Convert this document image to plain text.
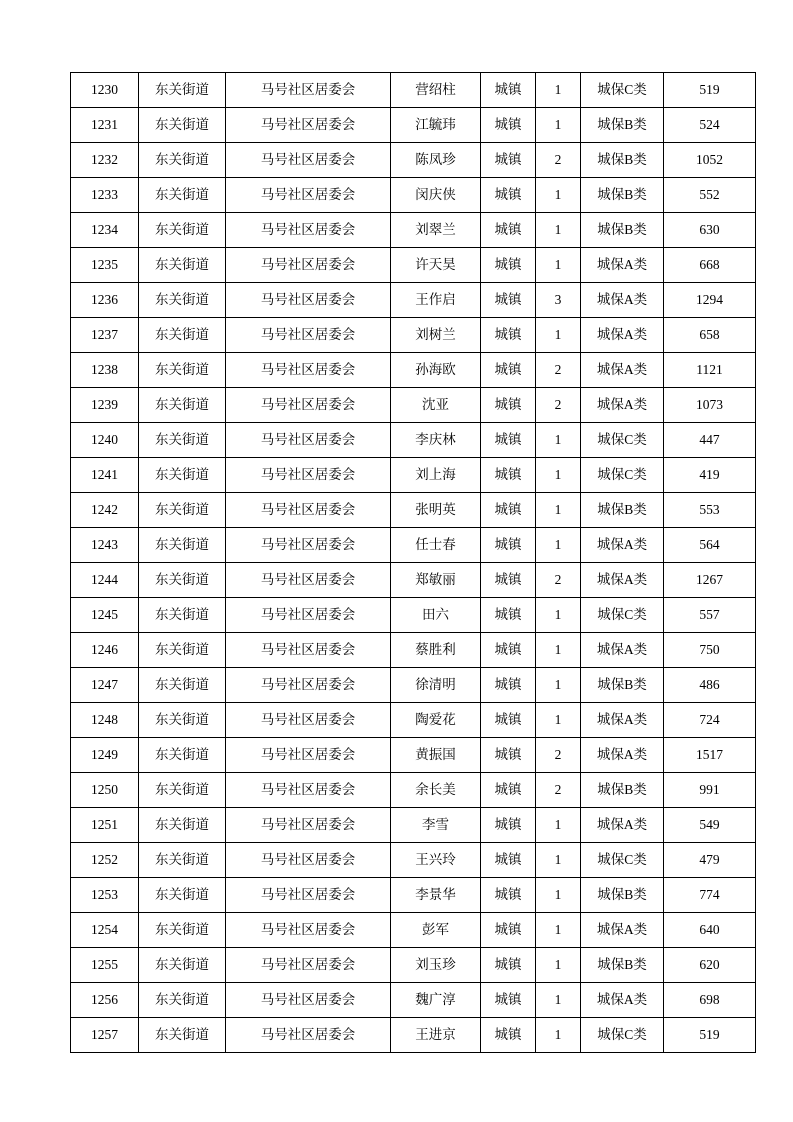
1230	东关街道	马号社区居委会	营绍柱	城镇	1	城保C类	519
1231	东关街道	马号社区居委会	江毓玮	城镇	1	城保B类	524
1232	东关街道	马号社区居委会	陈凤珍	城镇	2	城保B类	1052
1233	东关街道	马号社区居委会	闵庆侠	城镇	1	城保B类	552
1234	东关街道	马号社区居委会	刘翠兰	城镇	1	城保B类	630
1235	东关街道	马号社区居委会	许天昊	城镇	1	城保A类	668
1236	东关街道	马号社区居委会	王作启	城镇	3	城保A类	1294
1237	东关街道	马号社区居委会	刘树兰	城镇	1	城保A类	658
1238	东关街道	马号社区居委会	孙海欧	城镇	2	城保A类	1121
1239	东关街道	马号社区居委会	沈亚	城镇	2	城保A类	1073
1240	东关街道	马号社区居委会	李庆林	城镇	1	城保C类	447
1241	东关街道	马号社区居委会	刘上海	城镇	1	城保C类	419
1242	东关街道	马号社区居委会	张明英	城镇	1	城保B类	553
1243	东关街道	马号社区居委会	任士春	城镇	1	城保A类	564
1244	东关街道	马号社区居委会	郑敏丽	城镇	2	城保A类	1267
1245	东关街道	马号社区居委会	田六	城镇	1	城保C类	557
1246	东关街道	马号社区居委会	蔡胜利	城镇	1	城保A类	750
1247	东关街道	马号社区居委会	徐清明	城镇	1	城保B类	486
1248	东关街道	马号社区居委会	陶爱花	城镇	1	城保A类	724
1249	东关街道	马号社区居委会	黄振国	城镇	2	城保A类	1517
1250	东关街道	马号社区居委会	余长美	城镇	2	城保B类	991
1251	东关街道	马号社区居委会	李雪	城镇	1	城保A类	549
1252	东关街道	马号社区居委会	王兴玲	城镇	1	城保C类	479
1253	东关街道	马号社区居委会	李景华	城镇	1	城保B类	774
1254	东关街道	马号社区居委会	彭军	城镇	1	城保A类	640
1255	东关街道	马号社区居委会	刘玉珍	城镇	1	城保B类	620
1256	东关街道	马号社区居委会	魏广淳	城镇	1	城保A类	698
1257	东关街道	马号社区居委会	王进京	城镇	1	城保C类	519
